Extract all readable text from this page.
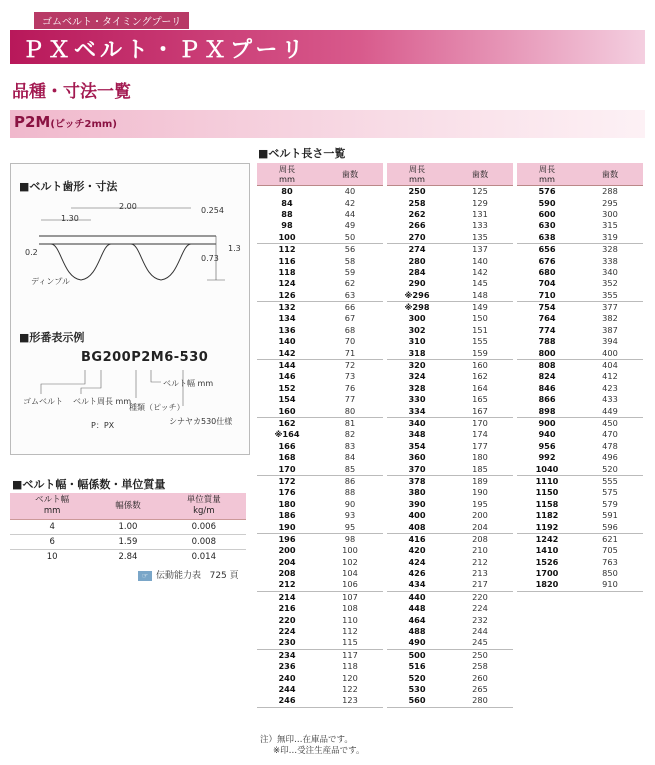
ゴムベルト・タイミングプーリ
ＰＸベルト・ＰＸプーリ
品種・寸法一覧
P2M(ピッチ2mm)
■ベルト歯形・寸法
2.00
1.30
0.254
1.3
0.73
0.2
ディンプル
■形番表示例
BG200P2M6-530
ベルト幅 mm
ゴムベルト ベルト周長 mm
種類（ピッチ）
P：PX	シナヤカ530仕様
■ベルト幅・幅係数・単位質量
ベルト幅
mm	幅係数	単位質量
kg/m
4	1.00	0.006
6	1.59	0.008
10	2.84	0.014
☞ 伝動能力表 725 頁
■ベルト長さ一覧
周長
mm	歯数		周長
mm	歯数		周長
mm	歯数
80	40		250	125		576	288
84	42		258	129		590	295
88	44		262	131		600	300
98	49		266	133		630	315
100	50		270	135		638	319
112	56		274	137		656	328
116	58		280	140		676	338
118	59		284	142		680	340
124	62		290	145		704	352
126	63		※296	148		710	355
132	66		※298	149		754	377
134	67		300	150		764	382
136	68		302	151		774	387
140	70		310	155		788	394
142	71		318	159		800	400
144	72		320	160		808	404
146	73		324	162		824	412
152	76		328	164		846	423
154	77		330	165		866	433
160	80		334	167		898	449
162	81		340	170		900	450
※164	82		348	174		940	470
166	83		354	177		956	478
168	84		360	180		992	496
170	85		370	185		1040	520
172	86		378	189		1110	555
176	88		380	190		1150	575
180	90		390	195		1158	579
186	93		400	200		1182	591
190	95		408	204		1192	596
196	98		416	208		1242	621
200	100		420	210		1410	705
204	102		424	212		1526	763
208	104		426	213		1700	850
212	106		434	217		1820	910
214	107		440	220			
216	108		448	224			
220	110		464	232			
224	112		488	244			
230	115		490	245			
234	117		500	250			
236	118		516	258			
240	120		520	260			
244	122		530	265			
246	123		560	280			
注）無印…在庫品です。
※印…受注生産品です。
